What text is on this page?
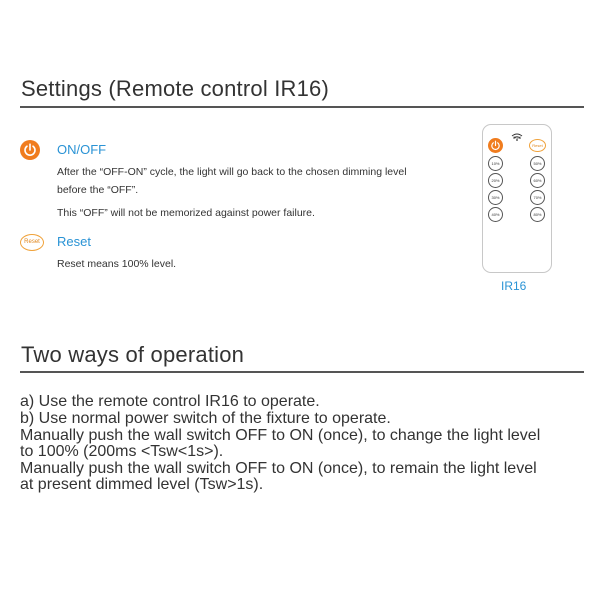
Settings (Remote control IR16)
ON/OFF
After the “OFF-ON” cycle, the light will go back to the chosen dimming level
before the “OFF”.
This “OFF” will not be memorized against power failure.
Reset	Reset
Reset means 100% level.
IR16
Reset
10%
20%
30%
40%
50%
60%
70%
80%
IR16
Two ways of operation
a) Use the remote control IR16 to operate.
b) Use normal power switch of the fixture to operate.
Manually push the wall switch OFF to ON (once), to change the light level
to 100% (200ms <Tsw<1s>).
Manually push the wall switch OFF to ON (once), to remain the light level
at present dimmed level (Tsw>1s).
